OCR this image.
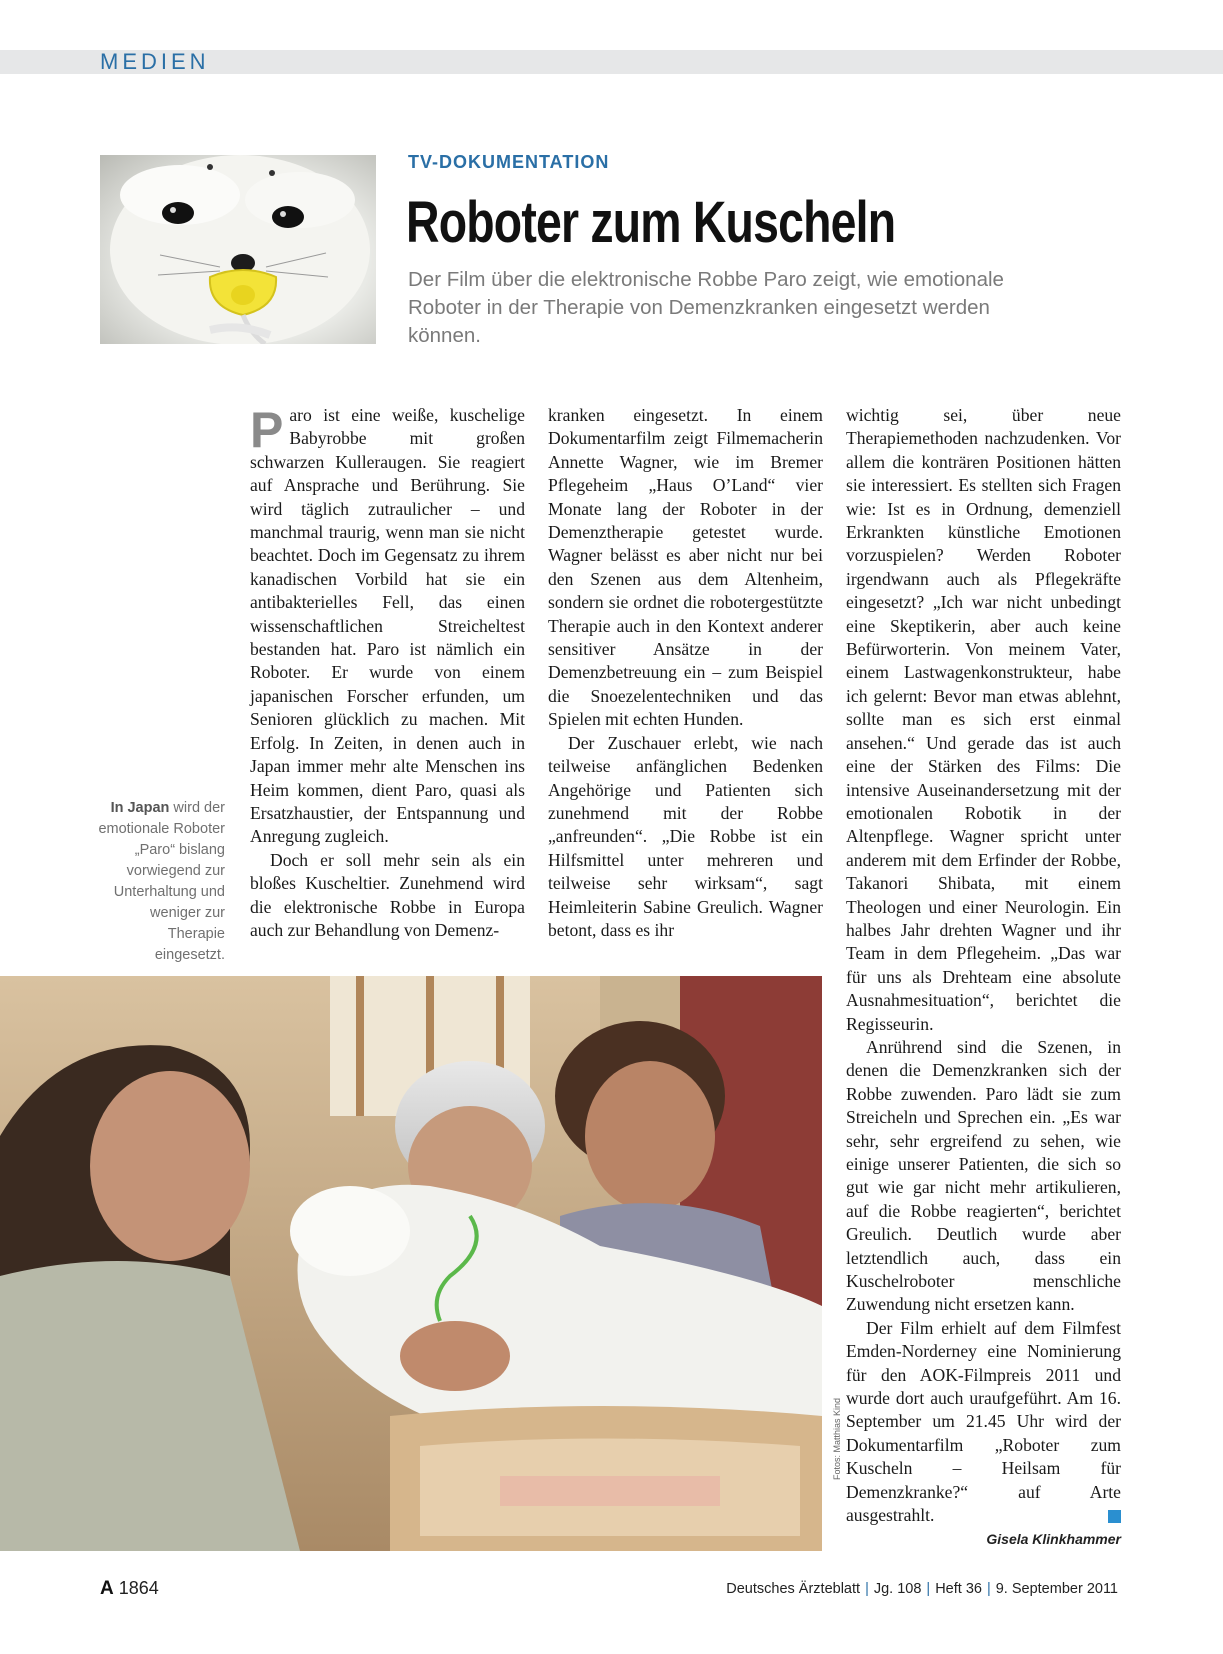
MEDIEN
TV-DOKUMENTATION
Roboter zum Kuscheln

Der Film über die elektronische Robbe Paro zeigt, wie emotionale Roboter in der Therapie von Demenzkranken eingesetzt werden können.

In Japan wird der emotionale Roboter „Paro“ bislang vorwiegend zur Unterhaltung und weniger zur Therapie eingesetzt.

Paro ist eine weiße, kuschelige Babyrobbe mit großen schwarzen Kulleraugen. Sie reagiert auf Ansprache und Berührung. Sie wird täglich zutraulicher – und manchmal traurig, wenn man sie nicht beachtet. Doch im Gegensatz zu ihrem kanadischen Vorbild hat sie ein antibakterielles Fell, das einen wissenschaftlichen Streicheltest bestanden hat. Paro ist nämlich ein Roboter. Er wurde von einem japanischen Forscher erfunden, um Senioren glücklich zu machen. Mit Erfolg. In Zeiten, in denen auch in Japan immer mehr alte Menschen ins Heim kommen, dient Paro, quasi als Ersatzhaustier, der Entspannung und Anregung zugleich.

Doch er soll mehr sein als ein bloßes Kuscheltier. Zunehmend wird die elektronische Robbe in Europa auch zur Behandlung von Demenz-

kranken eingesetzt. In einem Dokumentarfilm zeigt Filmemacherin Annette Wagner, wie im Bremer Pflegeheim „Haus O’Land“ vier Monate lang der Roboter in der Demenztherapie getestet wurde. Wagner belässt es aber nicht nur bei den Szenen aus dem Altenheim, sondern sie ordnet die robotergestützte Therapie auch in den Kontext anderer sensitiver Ansätze in der Demenzbetreuung ein – zum Beispiel die Snoezelentechniken und das Spielen mit echten Hunden.

Der Zuschauer erlebt, wie nach teilweise anfänglichen Bedenken Angehörige und Patienten sich zunehmend mit der Robbe „anfreunden“. „Die Robbe ist ein Hilfsmittel unter mehreren und teilweise sehr wirksam“, sagt Heimleiterin Sabine Greulich. Wagner betont, dass es ihr

wichtig sei, über neue Therapiemethoden nachzudenken. Vor allem die konträren Positionen hätten sie interessiert. Es stellten sich Fragen wie: Ist es in Ordnung, demenziell Erkrankten künstliche Emotionen vorzuspielen? Werden Roboter irgendwann auch als Pflegekräfte eingesetzt? „Ich war nicht unbedingt eine Skeptikerin, aber auch keine Befürworterin. Von meinem Vater, einem Lastwagenkonstrukteur, habe ich gelernt: Bevor man etwas ablehnt, sollte man es sich erst einmal ansehen.“ Und gerade das ist auch eine der Stärken des Films: Die intensive Auseinandersetzung mit der emotionalen Robotik in der Altenpflege. Wagner spricht unter anderem mit dem Erfinder der Robbe, Takanori Shibata, mit einem Theologen und einer Neurologin. Ein halbes Jahr drehten Wagner und ihr Team in dem Pflegeheim. „Das war für uns als Drehteam eine absolute Ausnahmesituation“, berichtet die Regisseurin.

Anrührend sind die Szenen, in denen die Demenzkranken sich der Robbe zuwenden. Paro lädt sie zum Streicheln und Sprechen ein. „Es war sehr, sehr ergreifend zu sehen, wie einige unserer Patienten, die sich so gut wie gar nicht mehr artikulieren, auf die Robbe reagierten“, berichtet Greulich. Deutlich wurde aber letztendlich auch, dass ein Kuschelroboter menschliche Zuwendung nicht ersetzen kann.

Der Film erhielt auf dem Filmfest Emden-Norderney eine Nominierung für den AOK-Filmpreis 2011 und wurde dort auch uraufgeführt. Am 16. September um 21.45 Uhr wird der Dokumentarfilm „Roboter zum Kuscheln – Heilsam für Demenzkranke?“ auf Arte ausgestrahlt.

Gisela Klinkhammer

Fotos: Matthias Kind
A 1864	Deutsches Ärzteblatt | Jg. 108 | Heft 36 | 9. September 2011
